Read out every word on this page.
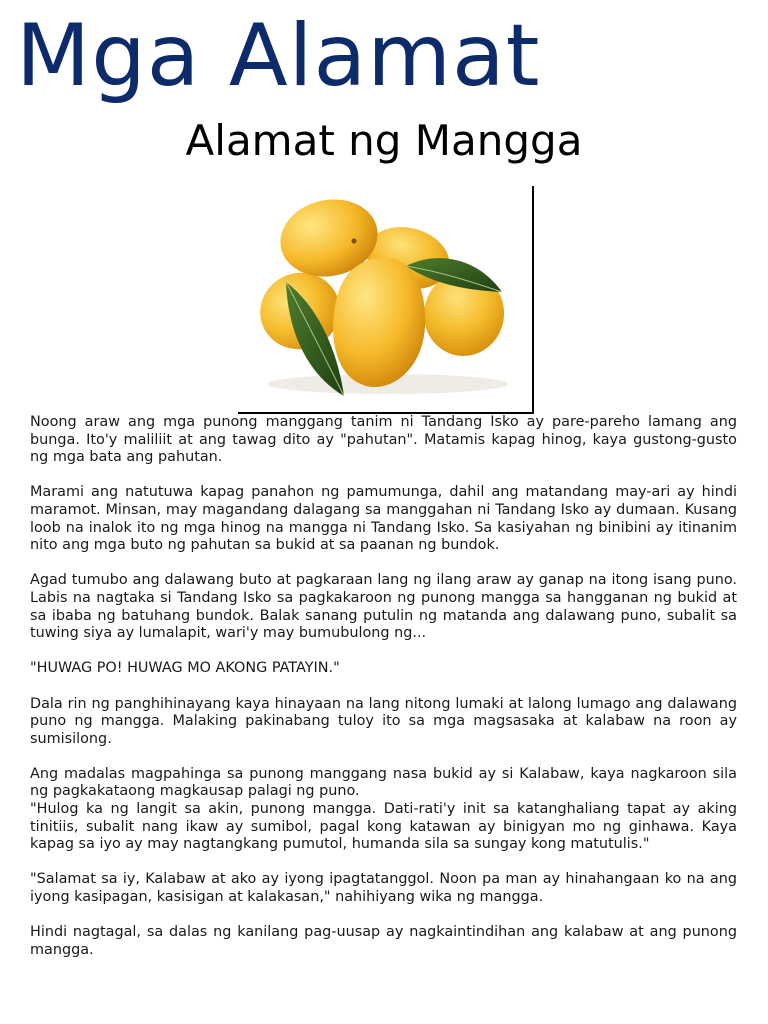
Mga Alamat
Alamat ng Mangga

Noong araw ang mga punong manggang tanim ni Tandang Isko ay pare-pareho lamang ang bunga. Ito'y maliliit at ang tawag dito ay "pahutan". Matamis kapag hinog, kaya gustong-gusto ng mga bata ang pahutan.

Marami ang natutuwa kapag panahon ng pamumunga, dahil ang matandang may-ari ay hindi maramot. Minsan, may magandang dalagang sa manggahan ni Tandang Isko ay dumaan. Kusang loob na inalok ito ng mga hinog na mangga ni Tandang Isko. Sa kasiyahan ng binibini ay itinanim nito ang mga buto ng pahutan sa bukid at sa paanan ng bundok.

Agad tumubo ang dalawang buto at pagkaraan lang ng ilang araw ay ganap na itong isang puno. Labis na nagtaka si Tandang Isko sa pagkakaroon ng punong mangga sa hangganan ng bukid at sa ibaba ng batuhang bundok. Balak sanang putulin ng matanda ang dalawang puno, subalit sa tuwing siya ay lumalapit, wari'y may bumubulong ng...

"HUWAG PO! HUWAG MO AKONG PATAYIN."

Dala rin ng panghihinayang kaya hinayaan na lang nitong lumaki at lalong lumago ang dalawang puno ng mangga. Malaking pakinabang tuloy ito sa mga magsasaka at kalabaw na roon ay sumisilong.

Ang madalas magpahinga sa punong manggang nasa bukid ay si Kalabaw, kaya nagkaroon sila ng pagkakataong magkausap palagi ng puno.

"Hulog ka ng langit sa akin, punong mangga. Dati-rati'y init sa katanghaliang tapat ay aking tinitiis, subalit nang ikaw ay sumibol, pagal kong katawan ay binigyan mo ng ginhawa. Kaya kapag sa iyo ay may nagtangkang pumutol, humanda sila sa sungay kong matutulis."

"Salamat sa iy, Kalabaw at ako ay iyong ipagtatanggol. Noon pa man ay hinahangaan ko na ang iyong kasipagan, kasisigan at kalakasan," nahihiyang wika ng mangga.

Hindi nagtagal, sa dalas ng kanilang pag-uusap ay nagkaintindihan ang kalabaw at ang punong mangga.
